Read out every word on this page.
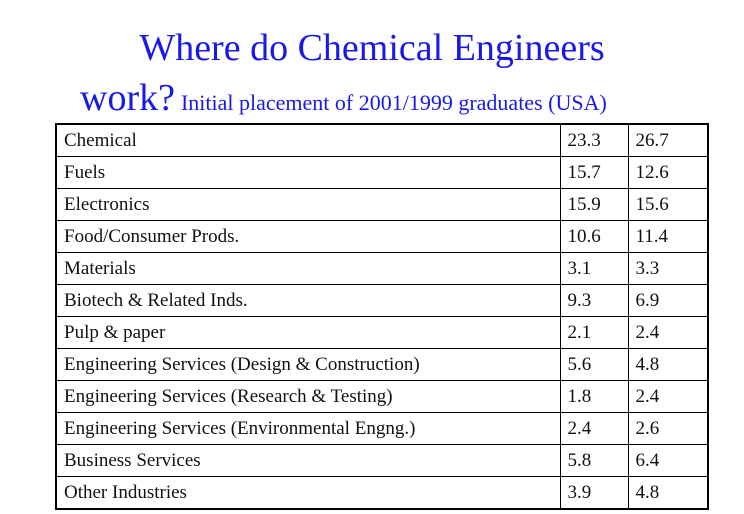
Where do Chemical Engineers
work? Initial placement of 2001/1999 graduates (USA)
Chemical	23.3	26.7
Fuels	15.7	12.6
Electronics	15.9	15.6
Food/Consumer Prods.	10.6	11.4
Materials	3.1	3.3
Biotech & Related Inds.	9.3	6.9
Pulp & paper	2.1	2.4
Engineering Services (Design & Construction)	5.6	4.8
Engineering Services (Research & Testing)	1.8	2.4
Engineering Services (Environmental Engng.)	2.4	2.6
Business Services	5.8	6.4
Other Industries	3.9	4.8
